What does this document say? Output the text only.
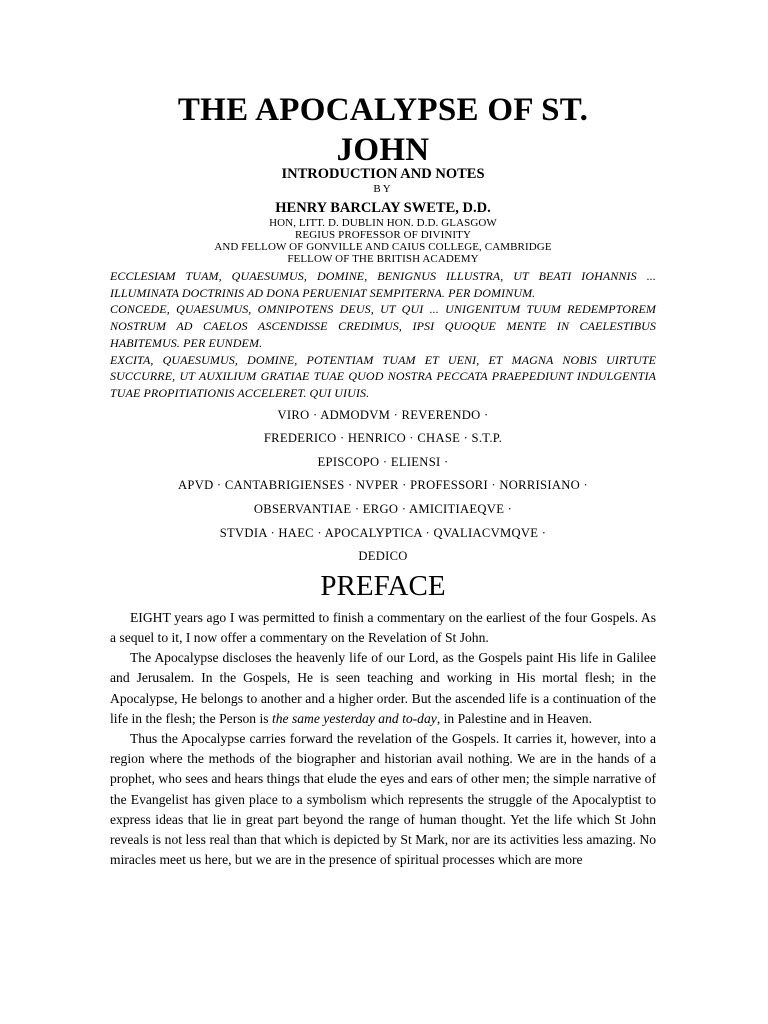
THE APOCALYPSE OF ST.
JOHN
INTRODUCTION AND NOTES
BY
HENRY BARCLAY SWETE, D.D.
HON, LITT. D. DUBLIN HON. D.D. GLASGOW
REGIUS PROFESSOR OF DIVINITY
AND FELLOW OF GONVILLE AND CAIUS COLLEGE, CAMBRIDGE
FELLOW OF THE BRITISH ACADEMY

ECCLESIAM TUAM, QUAESUMUS, DOMINE, BENIGNUS ILLUSTRA, UT BEATI IOHANNIS ... ILLUMINATA DOCTRINIS AD DONA PERUENIAT SEMPITERNA. PER DOMINUM.

CONCEDE, QUAESUMUS, OMNIPOTENS DEUS, UT QUI ... UNIGENITUM TUUM REDEMPTOREM NOSTRUM AD CAELOS ASCENDISSE CREDIMUS, IPSI QUOQUE MENTE IN CAELESTIBUS HABITEMUS. PER EUNDEM.

EXCITA, QUAESUMUS, DOMINE, POTENTIAM TUAM ET UENI, ET MAGNA NOBIS UIRTUTE SUCCURRE, UT AUXILIUM GRATIAE TUAE QUOD NOSTRA PECCATA PRAEPEDIUNT INDULGENTIA TUAE PROPITIATIONIS ACCELERET. QUI UIUIS.

VIRO · ADMODVM · REVERENDO ·
FREDERICO · HENRICO · CHASE · S.T.P.
EPISCOPO · ELIENSI ·
APVD · CANTABRIGIENSES · NVPER · PROFESSORI · NORRISIANO ·
OBSERVANTIAE · ERGO · AMICITIAEQVE ·
STVDIA · HAEC · APOCALYPTICA · QVALIACVMQVE ·
DEDICO
PREFACE

EIGHT years ago I was permitted to finish a commentary on the earliest of the four Gospels. As a sequel to it, I now offer a commentary on the Revelation of St John.

The Apocalypse discloses the heavenly life of our Lord, as the Gospels paint His life in Galilee and Jerusalem. In the Gospels, He is seen teaching and working in His mortal flesh; in the Apocalypse, He belongs to another and a higher order. But the ascended life is a continuation of the life in the flesh; the Person is the same yesterday and to-day, in Palestine and in Heaven.

Thus the Apocalypse carries forward the revelation of the Gospels. It carries it, however, into a region where the methods of the biographer and historian avail nothing. We are in the hands of a prophet, who sees and hears things that elude the eyes and ears of other men; the simple narrative of the Evangelist has given place to a symbolism which represents the struggle of the Apocalyptist to express ideas that lie in great part beyond the range of human thought. Yet the life which St John reveals is not less real than that which is depicted by St Mark, nor are its activities less amazing. No miracles meet us here, but we are in the presence of spiritual processes which are more
